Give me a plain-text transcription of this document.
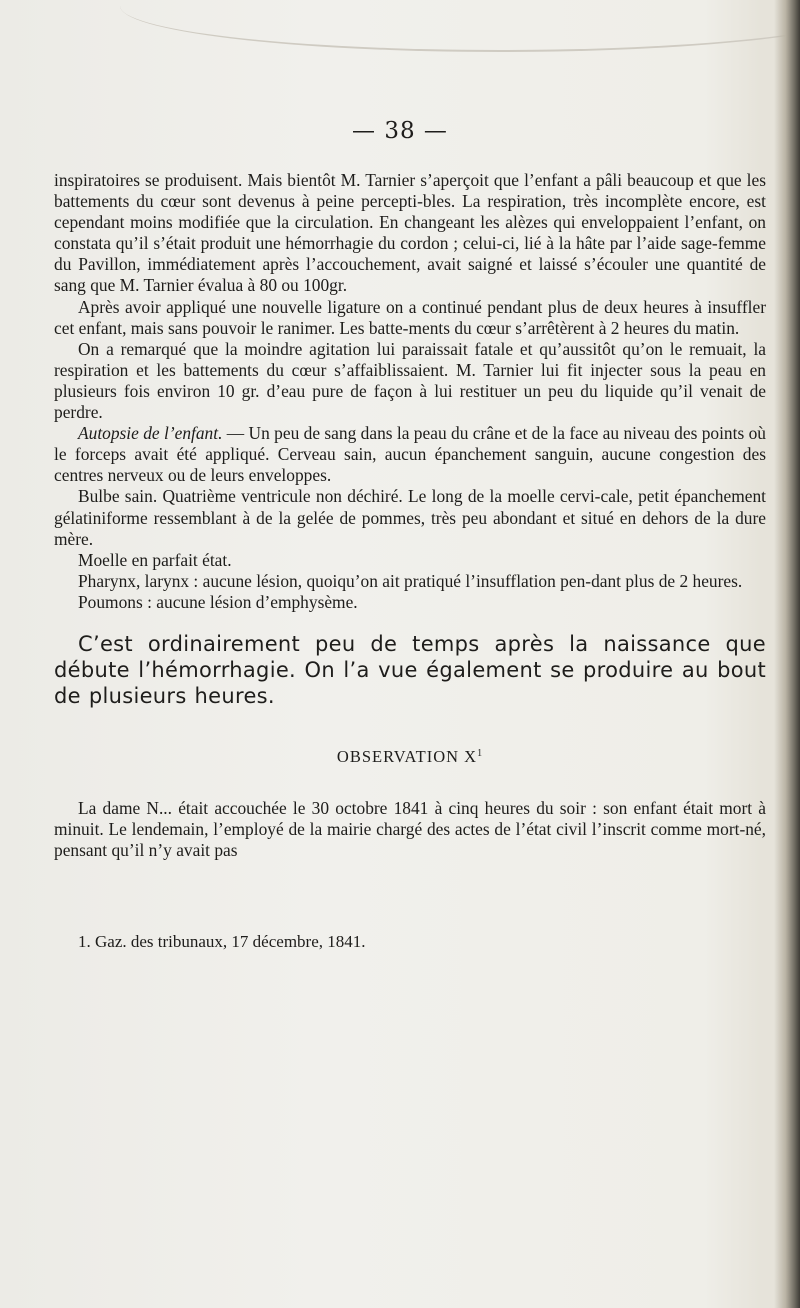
— 38 —

inspiratoires se produisent. Mais bientôt M. Tarnier s’aperçoit que l’enfant a pâli beaucoup et que les battements du cœur sont devenus à peine percepti-bles. La respiration, très incomplète encore, est cependant moins modifiée que la circulation. En changeant les alèzes qui enveloppaient l’enfant, on constata qu’il s’était produit une hémorrhagie du cordon ; celui-ci, lié à la hâte par l’aide sage-femme du Pavillon, immédiatement après l’accouchement, avait saigné et laissé s’écouler une quantité de sang que M. Tarnier évalua à 80 ou 100gr.

Après avoir appliqué une nouvelle ligature on a continué pendant plus de deux heures à insuffler cet enfant, mais sans pouvoir le ranimer. Les batte-ments du cœur s’arrêtèrent à 2 heures du matin.

On a remarqué que la moindre agitation lui paraissait fatale et qu’aussitôt qu’on le remuait, la respiration et les battements du cœur s’affaiblissaient. M. Tarnier lui fit injecter sous la peau en plusieurs fois environ 10 gr. d’eau pure de façon à lui restituer un peu du liquide qu’il venait de perdre.

Autopsie de l’enfant. — Un peu de sang dans la peau du crâne et de la face au niveau des points où le forceps avait été appliqué. Cerveau sain, aucun épanchement sanguin, aucune congestion des centres nerveux ou de leurs enveloppes.

Bulbe sain. Quatrième ventricule non déchiré. Le long de la moelle cervi-cale, petit épanchement gélatiniforme ressemblant à de la gelée de pommes, très peu abondant et situé en dehors de la dure mère.

Moelle en parfait état.

Pharynx, larynx : aucune lésion, quoiqu’on ait pratiqué l’insufflation pen-dant plus de 2 heures.

Poumons : aucune lésion d’emphysème.

C’est ordinairement peu de temps après la naissance que débute l’hémorrhagie. On l’a vue également se produire au bout de plusieurs heures.

OBSERVATION $X^1$

La dame N... était accouchée le 30 octobre 1841 à cinq heures du soir : son enfant était mort à minuit. Le lendemain, l’employé de la mairie chargé des actes de l’état civil l’inscrit comme mort-né, pensant qu’il n’y avait pas

1. Gaz. des tribunaux, 17 décembre, 1841.
